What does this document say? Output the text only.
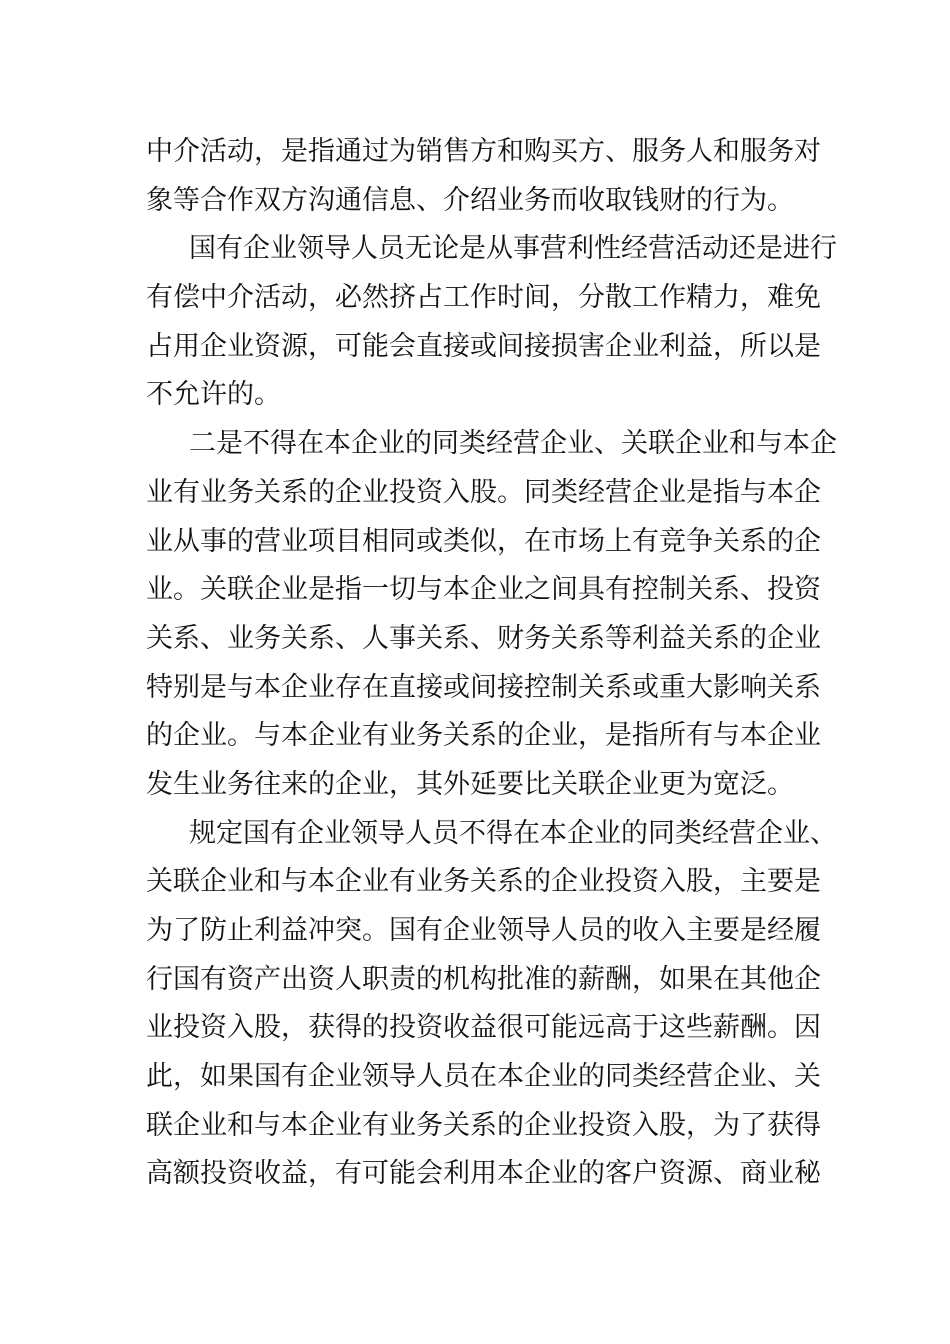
中介活动，是指通过为销售方和购买方、服务人和服务对
象等合作双方沟通信息、介绍业务而收取钱财的行为。
国有企业领导人员无论是从事营利性经营活动还是进行
有偿中介活动，必然挤占工作时间，分散工作精力，难免
占用企业资源，可能会直接或间接损害企业利益，所以是
不允许的。
二是不得在本企业的同类经营企业、关联企业和与本企
业有业务关系的企业投资入股。同类经营企业是指与本企
业从事的营业项目相同或类似，在市场上有竞争关系的企
业。关联企业是指一切与本企业之间具有控制关系、投资
关系、业务关系、人事关系、财务关系等利益关系的企业
特别是与本企业存在直接或间接控制关系或重大影响关系
的企业。与本企业有业务关系的企业，是指所有与本企业
发生业务往来的企业，其外延要比关联企业更为宽泛。
规定国有企业领导人员不得在本企业的同类经营企业、
关联企业和与本企业有业务关系的企业投资入股，主要是
为了防止利益冲突。国有企业领导人员的收入主要是经履
行国有资产出资人职责的机构批准的薪酬，如果在其他企
业投资入股，获得的投资收益很可能远高于这些薪酬。因
此，如果国有企业领导人员在本企业的同类经营企业、关
联企业和与本企业有业务关系的企业投资入股，为了获得
高额投资收益，有可能会利用本企业的客户资源、商业秘
